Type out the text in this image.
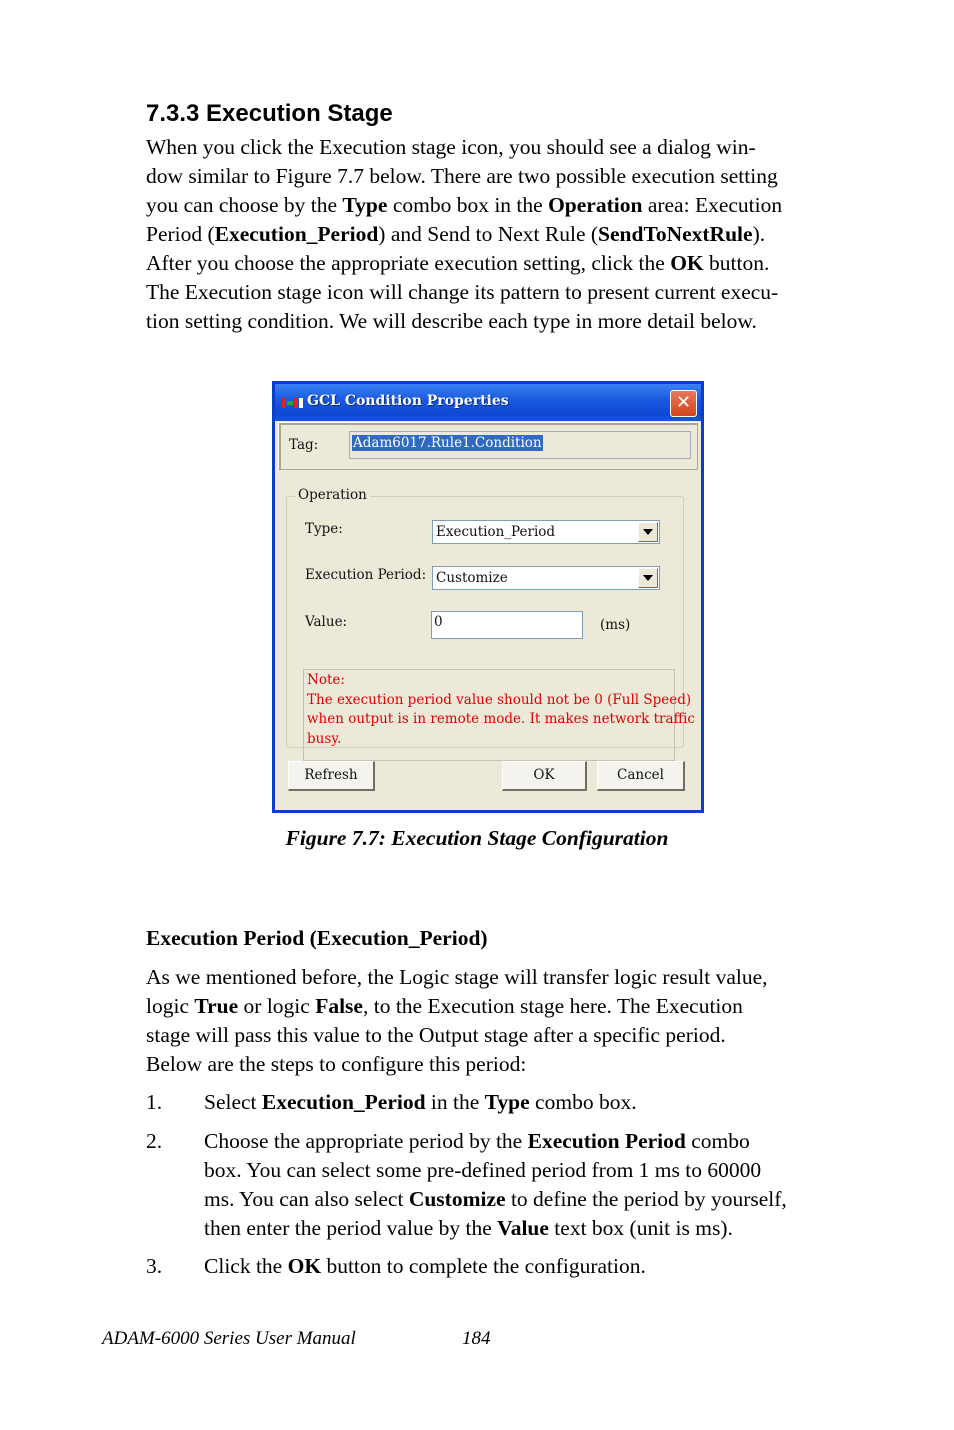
7.3.3 Execution Stage
When you click the Execution stage icon, you should see a dialog win-
dow similar to Figure 7.7 below. There are two possible execution setting
you can choose by the Type combo box in the Operation area: Execution
Period (Execution_Period) and Send to Next Rule (SendToNextRule).
After you choose the appropriate execution setting, click the OK button.
The Execution stage icon will change its pattern to present current execu-
tion setting condition. We will describe each type in more detail below.
GCL Condition Properties	✕
Tag:	Adam6017.Rule1.Condition
Operation
Type:	Execution_Period
Execution Period: Customize
Value:	0	(ms)
Note:
The execution period value should not be 0 (Full Speed)
when output is in remote mode. It makes network traffic
busy.
Refresh	OK	Cancel
Figure 7.7: Execution Stage Configuration
Execution Period (Execution_Period)
As we mentioned before, the Logic stage will transfer logic result value,
logic True or logic False, to the Execution stage here. The Execution
stage will pass this value to the Output stage after a specific period.
Below are the steps to configure this period:
1. Select Execution_Period in the Type combo box.
2. Choose the appropriate period by the Execution Period combo
box. You can select some pre-defined period from 1 ms to 60000
ms. You can also select Customize to define the period by yourself,
then enter the period value by the Value text box (unit is ms).
3. Click the OK button to complete the configuration.
ADAM-6000 Series User Manual	184
